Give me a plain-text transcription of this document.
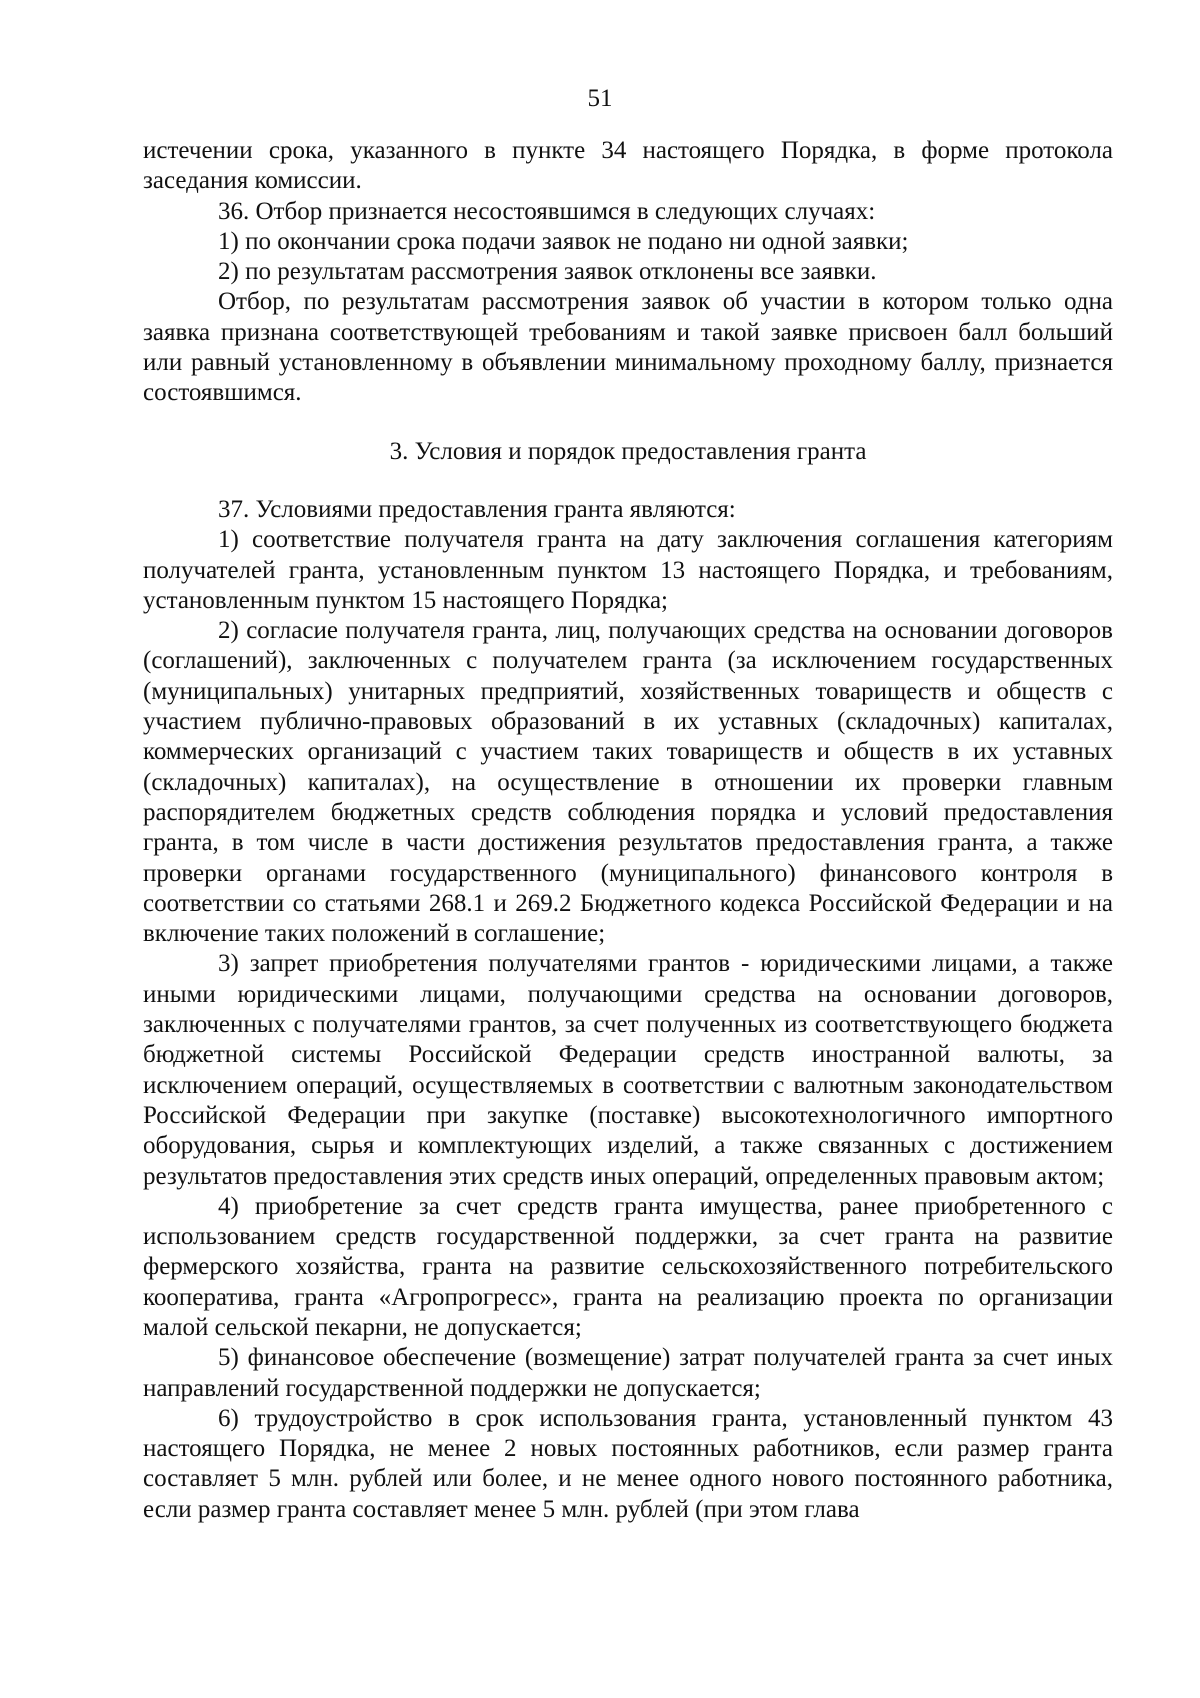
51

истечении срока, указанного в пункте 34 настоящего Порядка, в форме протокола заседания комиссии.

36. Отбор признается несостоявшимся в следующих случаях:

1) по окончании срока подачи заявок не подано ни одной заявки;

2) по результатам рассмотрения заявок отклонены все заявки.

Отбор, по результатам рассмотрения заявок об участии в котором только одна заявка признана соответствующей требованиям и такой заявке присвоен балл больший или равный установленному в объявлении минимальному проходному баллу, признается состоявшимся.

3. Условия и порядок предоставления гранта

37. Условиями предоставления гранта являются:

1) соответствие получателя гранта на дату заключения соглашения категориям получателей гранта, установленным пунктом 13 настоящего Порядка, и требованиям, установленным пунктом 15 настоящего Порядка;

2) согласие получателя гранта, лиц, получающих средства на основании договоров (соглашений), заключенных с получателем гранта (за исключением государственных (муниципальных) унитарных предприятий, хозяйственных товариществ и обществ с участием публично-правовых образований в их уставных (складочных) капиталах, коммерческих организаций с участием таких товариществ и обществ в их уставных (складочных) капиталах), на осуществление в отношении их проверки главным распорядителем бюджетных средств соблюдения порядка и условий предоставления гранта, в том числе в части достижения результатов предоставления гранта, а также проверки органами государственного (муниципального) финансового контроля в соответствии со статьями 268.1 и 269.2 Бюджетного кодекса Российской Федерации и на включение таких положений в соглашение;

3) запрет приобретения получателями грантов - юридическими лицами, а также иными юридическими лицами, получающими средства на основании договоров, заключенных с получателями грантов, за счет полученных из соответствующего бюджета бюджетной системы Российской Федерации средств иностранной валюты, за исключением операций, осуществляемых в соответствии с валютным законодательством Российской Федерации при закупке (поставке) высокотехнологичного импортного оборудования, сырья и комплектующих изделий, а также связанных с достижением результатов предоставления этих средств иных операций, определенных правовым актом;

4) приобретение за счет средств гранта имущества, ранее приобретенного с использованием средств государственной поддержки, за счет гранта на развитие фермерского хозяйства, гранта на развитие сельскохозяйственного потребительского кооператива, гранта «Агропрогресс», гранта на реализацию проекта по организации малой сельской пекарни, не допускается;

5) финансовое обеспечение (возмещение) затрат получателей гранта за счет иных направлений государственной поддержки не допускается;

6) трудоустройство в срок использования гранта, установленный пунктом 43 настоящего Порядка, не менее 2 новых постоянных работников, если размер гранта составляет 5 млн. рублей или более, и не менее одного нового постоянного работника, если размер гранта составляет менее 5 млн. рублей (при этом глава
